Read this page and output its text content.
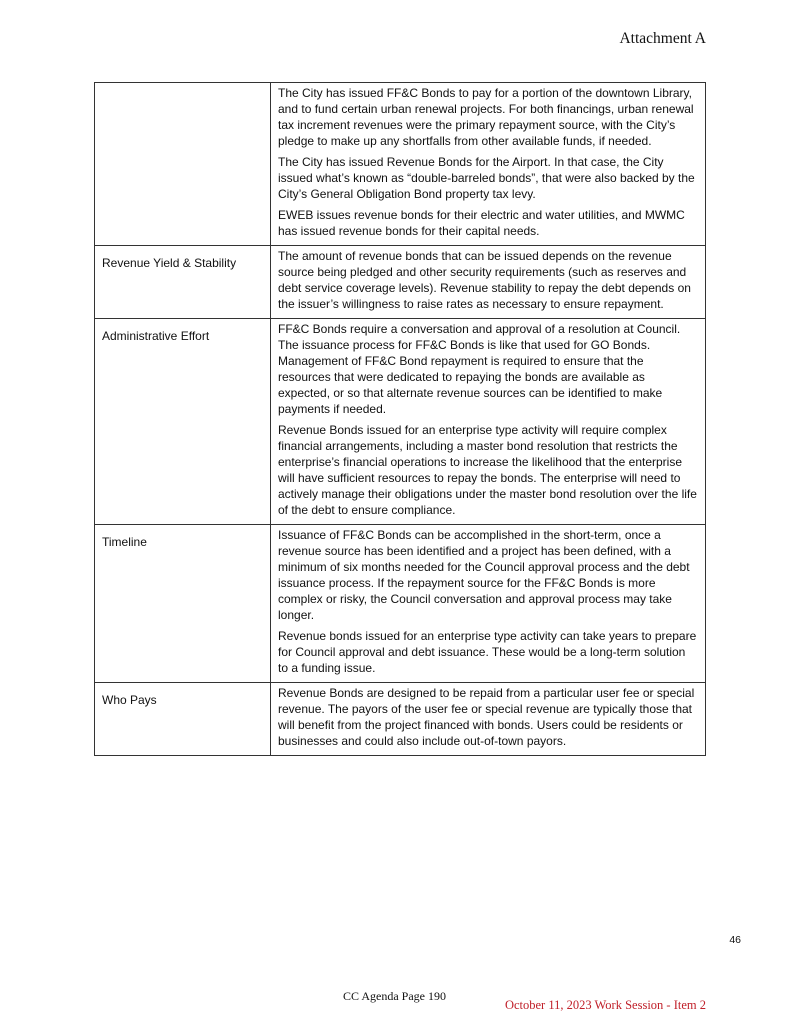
Attachment A

	The City has issued FF&C Bonds to pay for a portion of the downtown Library, and to fund certain urban renewal projects. For both financings, urban renewal tax increment revenues were the primary repayment source, with the City’s pledge to make up any shortfalls from other available funds, if needed.

The City has issued Revenue Bonds for the Airport. In that case, the City issued what’s known as “double-barreled bonds”, that were also backed by the City’s General Obligation Bond property tax levy.

EWEB issues revenue bonds for their electric and water utilities, and MWMC has issued revenue bonds for their capital needs.

Revenue Yield & Stability	The amount of revenue bonds that can be issued depends on the revenue source being pledged and other security requirements (such as reserves and debt service coverage levels). Revenue stability to repay the debt depends on the issuer’s willingness to raise rates as necessary to ensure repayment.

Administrative Effort	FF&C Bonds require a conversation and approval of a resolution at Council. The issuance process for FF&C Bonds is like that used for GO Bonds. Management of FF&C Bond repayment is required to ensure that the resources that were dedicated to repaying the bonds are available as expected, or so that alternate revenue sources can be identified to make payments if needed.

Revenue Bonds issued for an enterprise type activity will require complex financial arrangements, including a master bond resolution that restricts the enterprise’s financial operations to increase the likelihood that the enterprise will have sufficient resources to repay the bonds. The enterprise will need to actively manage their obligations under the master bond resolution over the life of the debt to ensure compliance.

Timeline	Issuance of FF&C Bonds can be accomplished in the short-term, once a revenue source has been identified and a project has been defined, with a minimum of six months needed for the Council approval process and the debt issuance process. If the repayment source for the FF&C Bonds is more complex or risky, the Council conversation and approval process may take longer.

Revenue bonds issued for an enterprise type activity can take years to prepare for Council approval and debt issuance. These would be a long-term solution to a funding issue.

Who Pays	Revenue Bonds are designed to be repaid from a particular user fee or special revenue. The payors of the user fee or special revenue are typically those that will benefit from the project financed with bonds. Users could be residents or businesses and could also include out-of-town payors.

46
CC Agenda Page 190
October 11, 2023 Work Session - Item 2
